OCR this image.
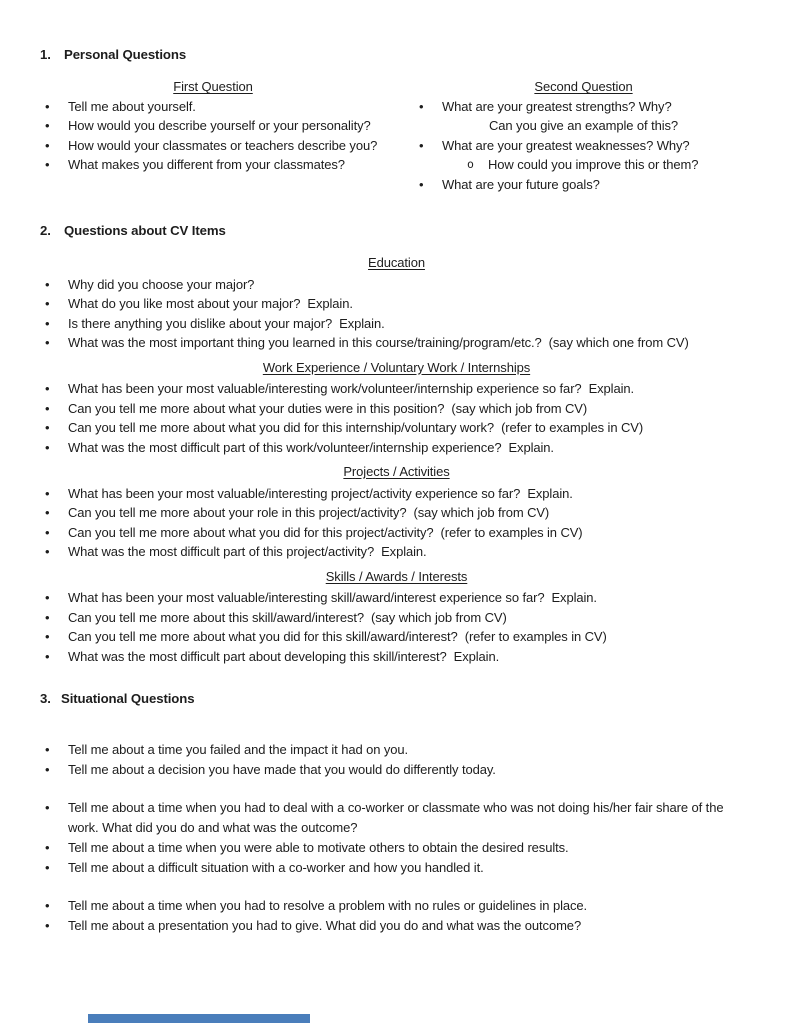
1. Personal Questions
First Question
•	Tell me about yourself.
•	How would you describe yourself or your personality?
•	How would your classmates or teachers describe you?
•	What makes you different from your classmates?
Second Question
•	What are your greatest strengths? Why?
Can you give an example of this?
•	What are your greatest weaknesses? Why?
o	How could you improve this or them?
•	What are your future goals?
2. Questions about CV Items
Education
•	Why did you choose your major?
•	What do you like most about your major?  Explain.
•	Is there anything you dislike about your major?  Explain.
•	What was the most important thing you learned in this course/training/program/etc.?  (say which one from CV)
Work Experience / Voluntary Work / Internships
•	What has been your most valuable/interesting work/volunteer/internship experience so far?  Explain.
•	Can you tell me more about what your duties were in this position?  (say which job from CV)
•	Can you tell me more about what you did for this internship/voluntary work?  (refer to examples in CV)
•	What was the most difficult part of this work/volunteer/internship experience?  Explain.
Projects / Activities
•	What has been your most valuable/interesting project/activity experience so far?  Explain.
•	Can you tell me more about your role in this project/activity?  (say which job from CV)
•	Can you tell me more about what you did for this project/activity?  (refer to examples in CV)
•	What was the most difficult part of this project/activity?  Explain.
Skills / Awards / Interests
•	What has been your most valuable/interesting skill/award/interest experience so far?  Explain.
•	Can you tell me more about this skill/award/interest?  (say which job from CV)
•	Can you tell me more about what you did for this skill/award/interest?  (refer to examples in CV)
•	What was the most difficult part about developing this skill/interest?  Explain.
3. Situational Questions
•	Tell me about a time you failed and the impact it had on you.
•	Tell me about a decision you have made that you would do differently today.
•	Tell me about a time when you had to deal with a co-worker or classmate who was not doing his/her fair share of the work. What did you do and what was the outcome?
•	Tell me about a time when you were able to motivate others to obtain the desired results.
•	Tell me about a difficult situation with a co-worker and how you handled it.
•	Tell me about a time when you had to resolve a problem with no rules or guidelines in place.
•	Tell me about a presentation you had to give. What did you do and what was the outcome?
